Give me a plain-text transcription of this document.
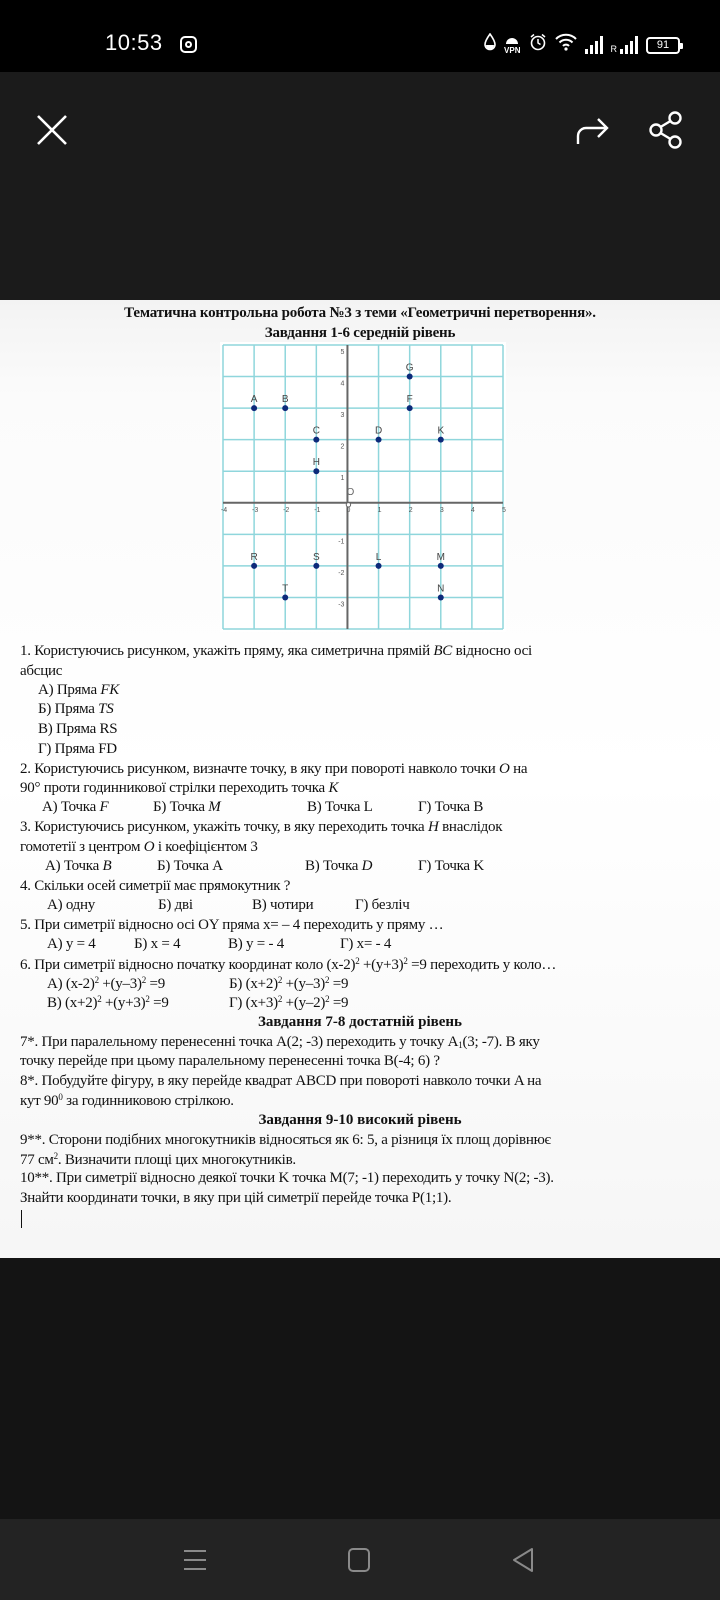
10:53	VPN	R	91
Тематична контрольна робота №3 з теми «Геометричні перетворення».
Завдання 1-6 середній рівень
-4	-3	-2	-1	0	1	2	3	4	5
5
4
3
2
1
-1
-2
-3
O
A B
C
H
D
G
F
K
R	S	L	M
T	N
1. Користуючись рисунком, укажіть пряму, яка симетрична прямій BC відносно осі
абсцис
А) Пряма FK
Б) Пряма TS
В) Пряма RS
Г) Пряма FD
2. Користуючись рисунком, визначте точку, в яку при повороті навколо точки O на
90° проти годинникової стрілки переходить точка K
А) Точка F	Б) Точка M	В) Точка L	Г) Точка B
3. Користуючись рисунком, укажіть точку, в яку переходить точка H внаслідок
гомотетії з центром O і коефіцієнтом 3
А) Точка B	Б) Точка A	В) Точка D	Г) Точка K
4. Скільки осей симетрії має прямокутник ?
А) одну	Б) дві	В) чотири	Г) безліч
5. При симетрії відносно осі OY пряма x= – 4 переходить у пряму …
А) y = 4	Б) x = 4	В) y = - 4	Г) x= - 4
6. При симетрії відносно початку координат коло $(x-2)^2 +(y+3)^2 =9$ переходить у коло…
А) $(x-2)^2 +(y-3)^2 =9$	Б) $(x+2)^2 +(y-3)^2 =9$
В) $(x+2)^2 +(y+3)^2 =9$	Г) $(x+3)^2 +(y-2)^2 =9$
Завдання 7-8 достатній рівень
7*. При паралельному перенесенні точка A(2; -3) переходить у точку $A_1(3$; -7). В яку
точку перейде при цьому паралельному перенесенні точка B(-4; 6) ?
8*. Побудуйте фігуру, в яку перейде квадрат ABCD при повороті навколо точки A на
кут $90^0$ за годинниковою стрілкою.
Завдання 9-10 високий рівень
9**. Сторони подібних многокутників відносяться як 6: 5, а різниця їх площ дорівнює
77 $см^2$. Визначити площі цих многокутників.
10**. При симетрії відносно деякої точки K точка M(7; -1) переходить у точку N(2; -3).
Знайти координати точки, в яку при цій симетрії перейде точка P(1;1).
